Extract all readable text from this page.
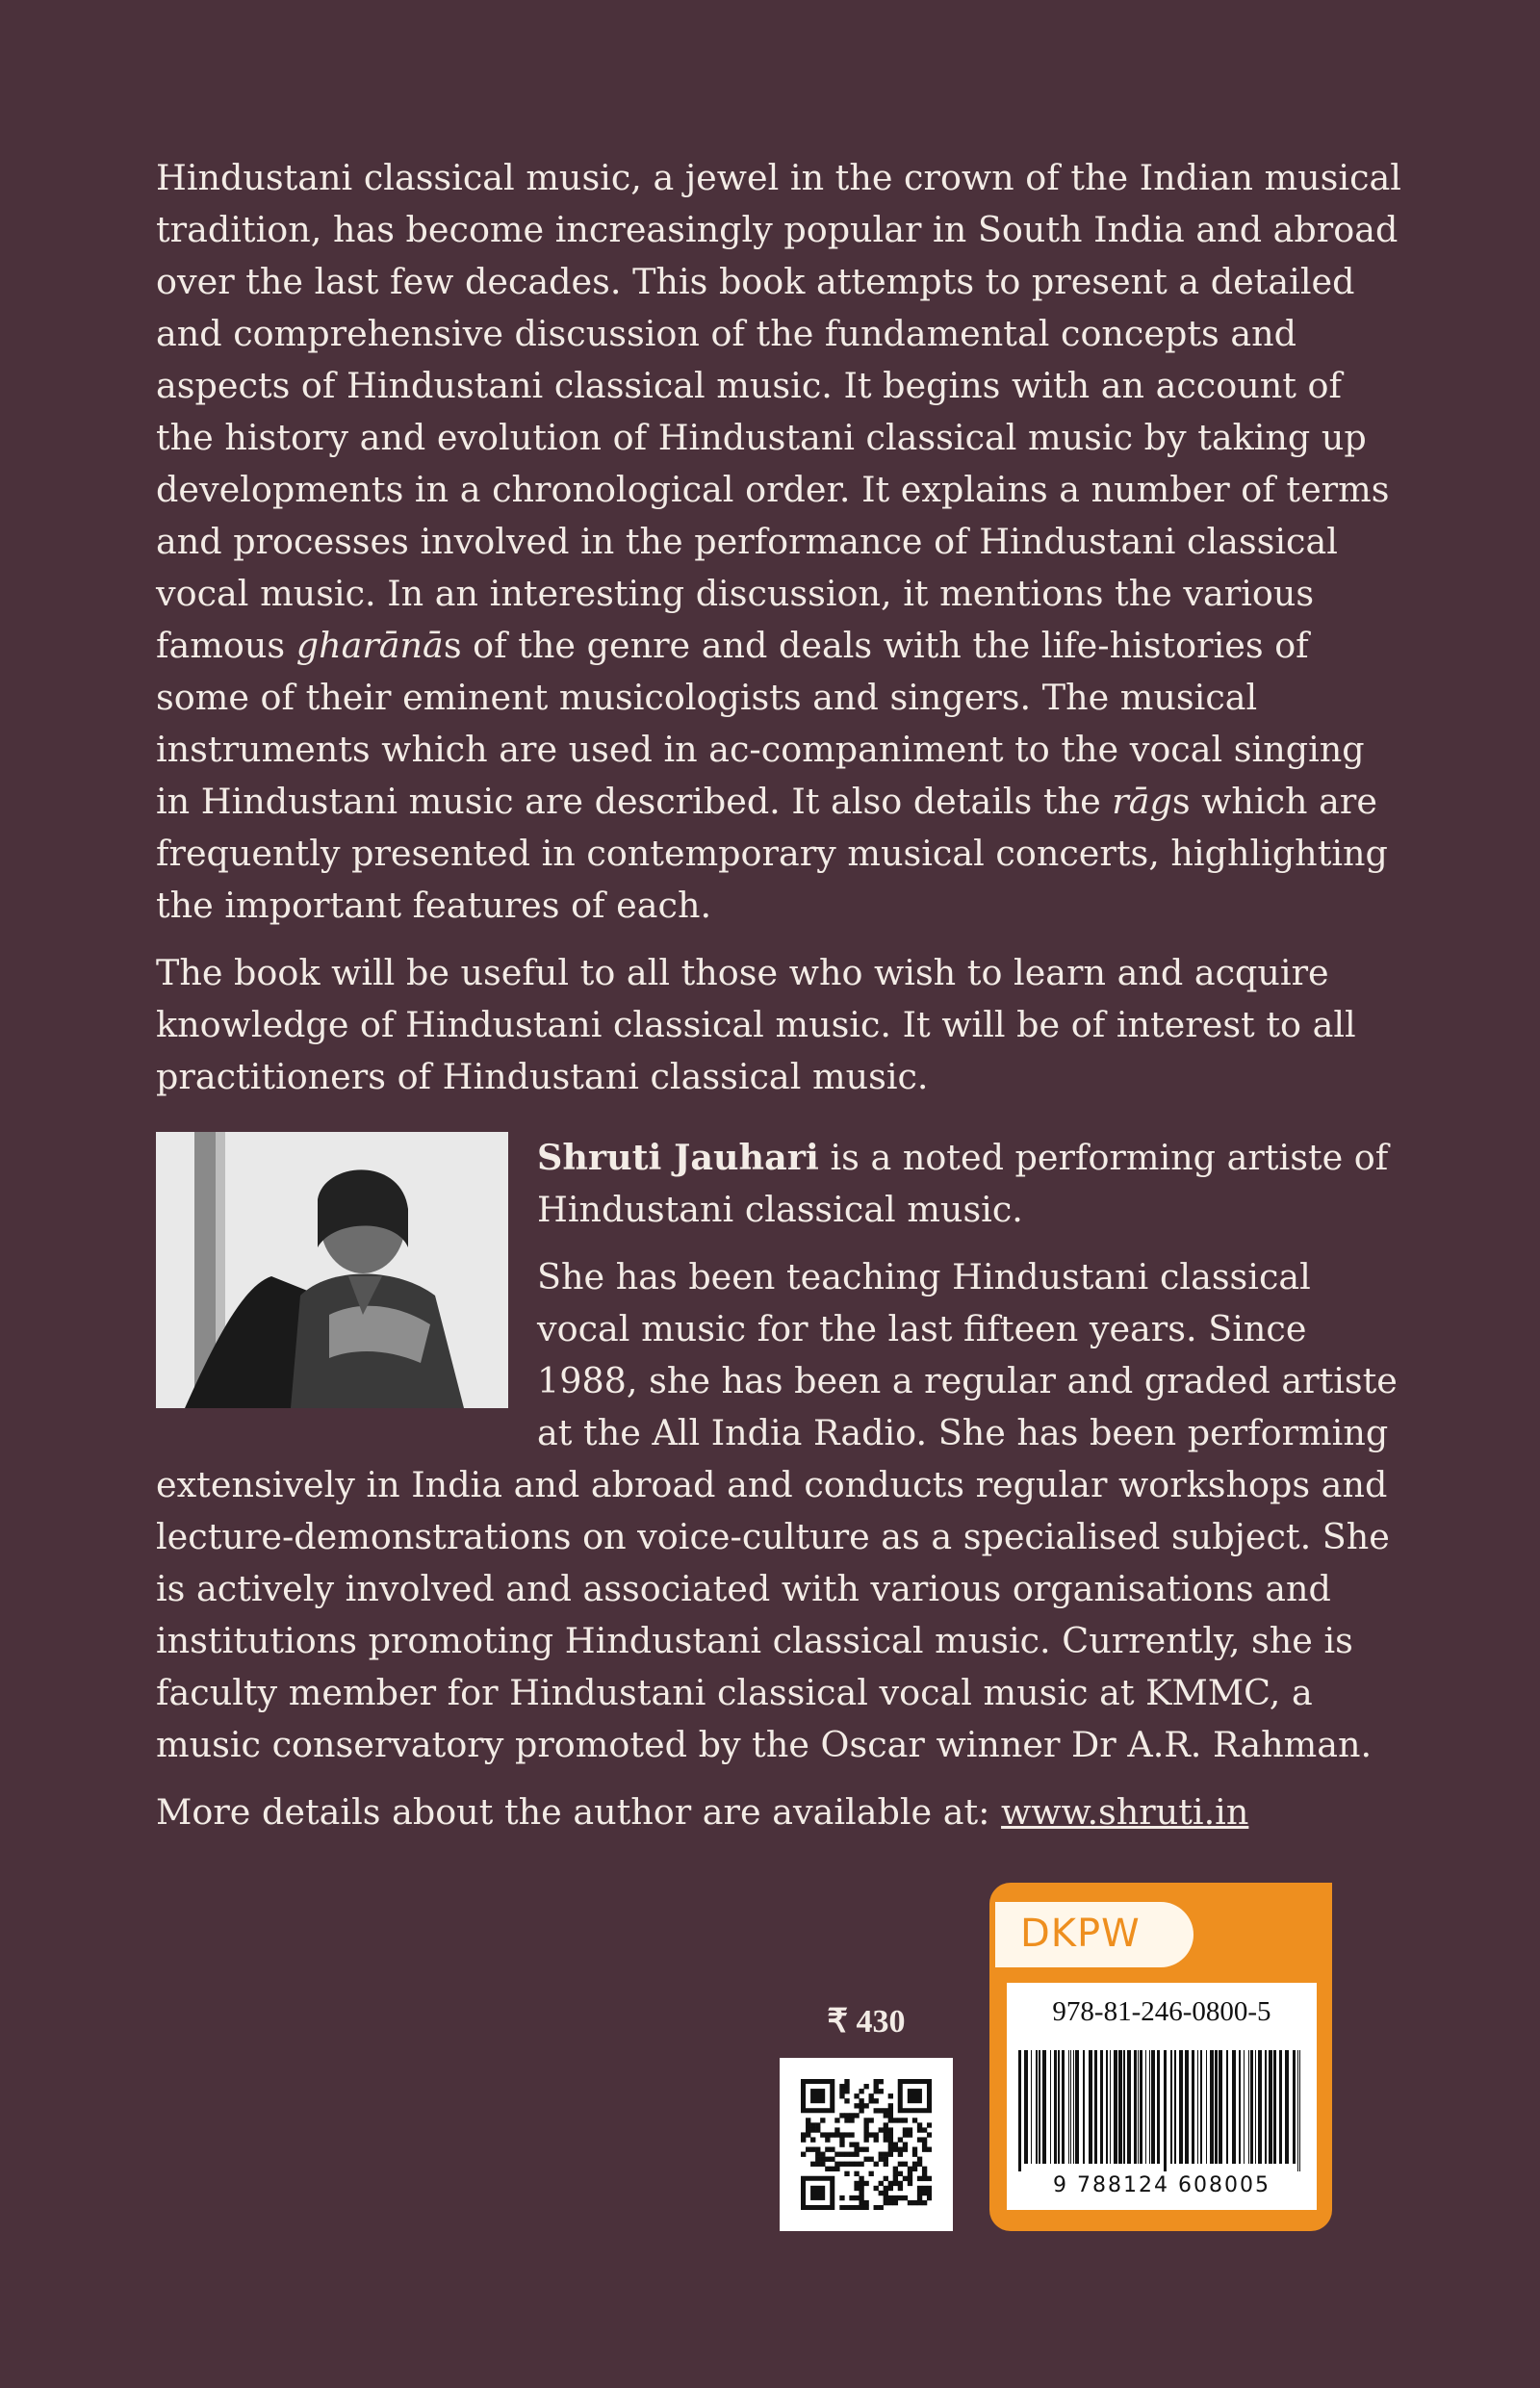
Hindustani classical music, a jewel in the crown of the Indian musical tradition, has become increasingly popular in South India and abroad over the last few decades. This book attempts to present a detailed and comprehensive discussion of the fundamental concepts and aspects of Hindustani classical music. It begins with an account of the history and evolution of Hindustani classical music by taking up developments in a chronological order. It explains a number of terms and processes involved in the performance of Hindustani classical vocal music. In an interesting discussion, it mentions the various famous gharānās of the genre and deals with the life-histories of some of their eminent musicologists and singers. The musical instruments which are used in ac-companiment to the vocal singing in Hindustani music are described. It also details the rāgs which are frequently presented in contemporary musical concerts, highlighting the important features of each.

The book will be useful to all those who wish to learn and acquire knowledge of Hindustani classical music. It will be of interest to all practitioners of Hindustani classical music.

Shruti Jauhari is a noted performing artiste of Hindustani classical music.

She has been teaching Hindustani classical vocal music for the last fifteen years. Since 1988, she has been a regular and graded artiste at the All India Radio. She has been performing extensively in India and abroad and conducts regular workshops and lecture-demonstrations on voice-culture as a specialised subject. She is actively involved and associated with various organisations and institutions promoting Hindustani classical music. Currently, she is faculty member for Hindustani classical vocal music at KMMC, a music conservatory promoted by the Oscar winner Dr A.R. Rahman.

More details about the author are available at: www.shruti.in

₹ 430
DKPW
978-81-246-0800-5
9 788124 608005
